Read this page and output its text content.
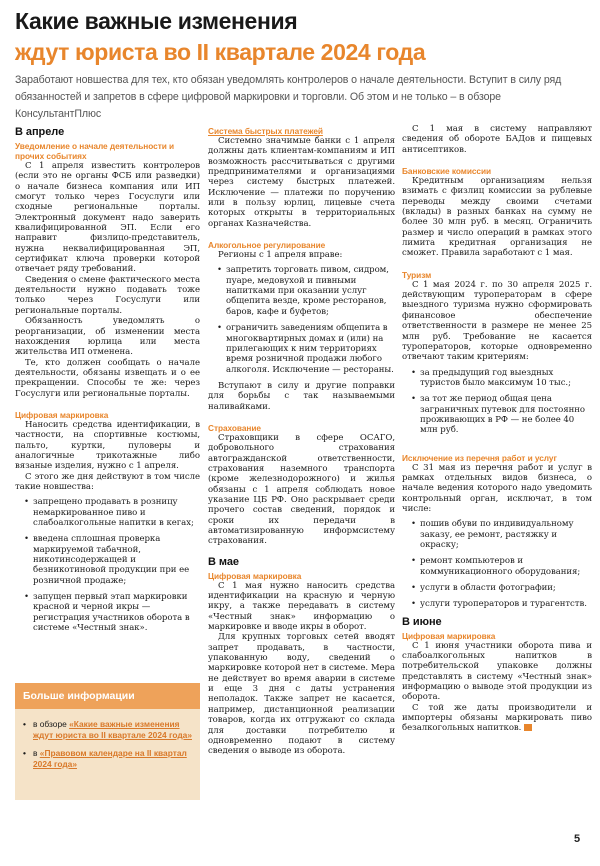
Какие важные изменения
ждут юриста во II квартале 2024 года
Заработают новшества для тех, кто обязан уведомлять контролеров о начале деятельности. Вступит в силу ряд обязанностей и запретов в сфере цифровой маркировки и торговли. Об этом и не только – в обзоре КонсультантПлюс
В апреле
Уведомление о начале деятельности и прочих событиях

С 1 апреля известить контролеров (если это не органы ФСБ или разведки) о начале бизнеса компания или ИП смогут только через Госуслуги или сходные региональные порталы. Электронный документ надо заверить квалифицированной ЭП. Если его направит физлицо-представитель, нужна неквалифицированная ЭП, сертификат ключа проверки которой отвечает ряду требований.

Сведения о смене фактического места деятельности нужно подавать тоже только через Госуслуги или региональные порталы.

Обязанность уведомлять о реорганизации, об изменении места нахождения юрлица или места жительства ИП отменена.

Те, кто должен сообщать о начале деятельности, обязаны извещать и о ее прекращении. Способы те же: через Госуслуги или региональные порталы.

Цифровая маркировка

Наносить средства идентификации, в частности, на спортивные костюмы, пальто, куртки, пуловеры и аналогичные трикотажные либо вязаные изделия, нужно с 1 апреля.

С этого же дня действуют в том числе такие новшества:

• запрещено продавать в розницу немаркированное пиво и слабоалкогольные напитки в кегах;
• введена сплошная проверка маркируемой табачной, никотинсодержащей и безникотиновой продукции при ее розничной продаже;
• запущен первый этап маркировки красной и черной икры — регистрация участников оборота в системе «Честный знак».
Больше информации
• в обзоре «Какие важные изменения ждут юриста во II квартале 2024 года»
• в «Правовом календаре на II квартал 2024 года»
Система быстрых платежей

Системно значимые банки с 1 апреля должны дать клиентам-компаниям и ИП возможность рассчитываться с другими предпринимателями и организациями через систему быстрых платежей. Исключение — платежи по поручению или в пользу юрлиц, лицевые счета которых открыты в территориальных органах Казначейства.

Алкогольное регулирование

Регионы с 1 апреля вправе:

• запретить торговать пивом, сидром, пуаре, медовухой и пивными напитками при оказании услуг общепита везде, кроме ресторанов, баров, кафе и буфетов;
• ограничить заведениям общепита в многоквартирных домах и (или) на прилегающих к ним территориях время розничной продажи любого алкоголя. Исключение — рестораны.

Вступают в силу и другие поправки для борьбы с так называемыми наливайками.

Страхование

Страховщики в сфере ОСАГО, добровольного страхования автогражданской ответственности, страхования наземного транспорта (кроме железнодорожного) и жилья обязаны с 1 апреля соблюдать новое указание ЦБ РФ. Оно раскрывает среди прочего состав сведений, порядок и сроки их передачи в автоматизированную информсистему страхования.

В мае
Цифровая маркировка

С 1 мая нужно наносить средства идентификации на красную и черную икру, а также передавать в систему «Честный знак» информацию о маркировке и вводе икры в оборот.

Для крупных торговых сетей вводят запрет продавать, в частности, упакованную воду, сведений о маркировке которой нет в системе. Мера не действует во время аварии в системе и еще 3 дня с даты устранения неполадок. Также запрет не касается, например, дистанционной реализации товаров, когда их отгружают со склада для доставки потребителю и одновременно подают в систему сведения о выводе из оборота.

С 1 мая в систему направляют сведения об обороте БАДов и пищевых антисептиков.

Банковские комиссии

Кредитным организациям нельзя взимать с физлиц комиссии за рублевые переводы между своими счетами (вклады) в разных банках на сумму не более 30 млн руб. в месяц. Ограничить размер и число операций в рамках этого лимита кредитная организация не сможет. Правила заработают с 1 мая.

Туризм

С 1 мая 2024 г. по 30 апреля 2025 г. действующим туроператорам в сфере выездного туризма нужно сформировать финансовое обеспечение ответственности в размере не менее 25 млн руб. Требование не касается туроператоров, которые одновременно отвечают таким критериям:

• за предыдущий год выездных туристов было максимум 10 тыс.;
• за тот же период общая цена заграничных путевок для постоянно проживающих в РФ — не более 40 млн руб.
Исключение из перечня работ и услуг

С 31 мая из перечня работ и услуг в рамках отдельных видов бизнеса, о начале ведения которого надо уведомить контрольный орган, исключат, в том числе:

• пошив обуви по индивидуальному заказу, ее ремонт, растяжку и окраску;
• ремонт компьютеров и коммуникационного оборудования;
• услуги в области фотографии;
• услуги туроператоров и турагентств.
В июне
Цифровая маркировка

С 1 июня участники оборота пива и слабоалкогольных напитков в потребительской упаковке должны представлять в систему «Честный знак» информацию о выводе этой продукции из оборота.

С той же даты производители и импортеры обязаны маркировать пиво безалкогольных напитков.

5
